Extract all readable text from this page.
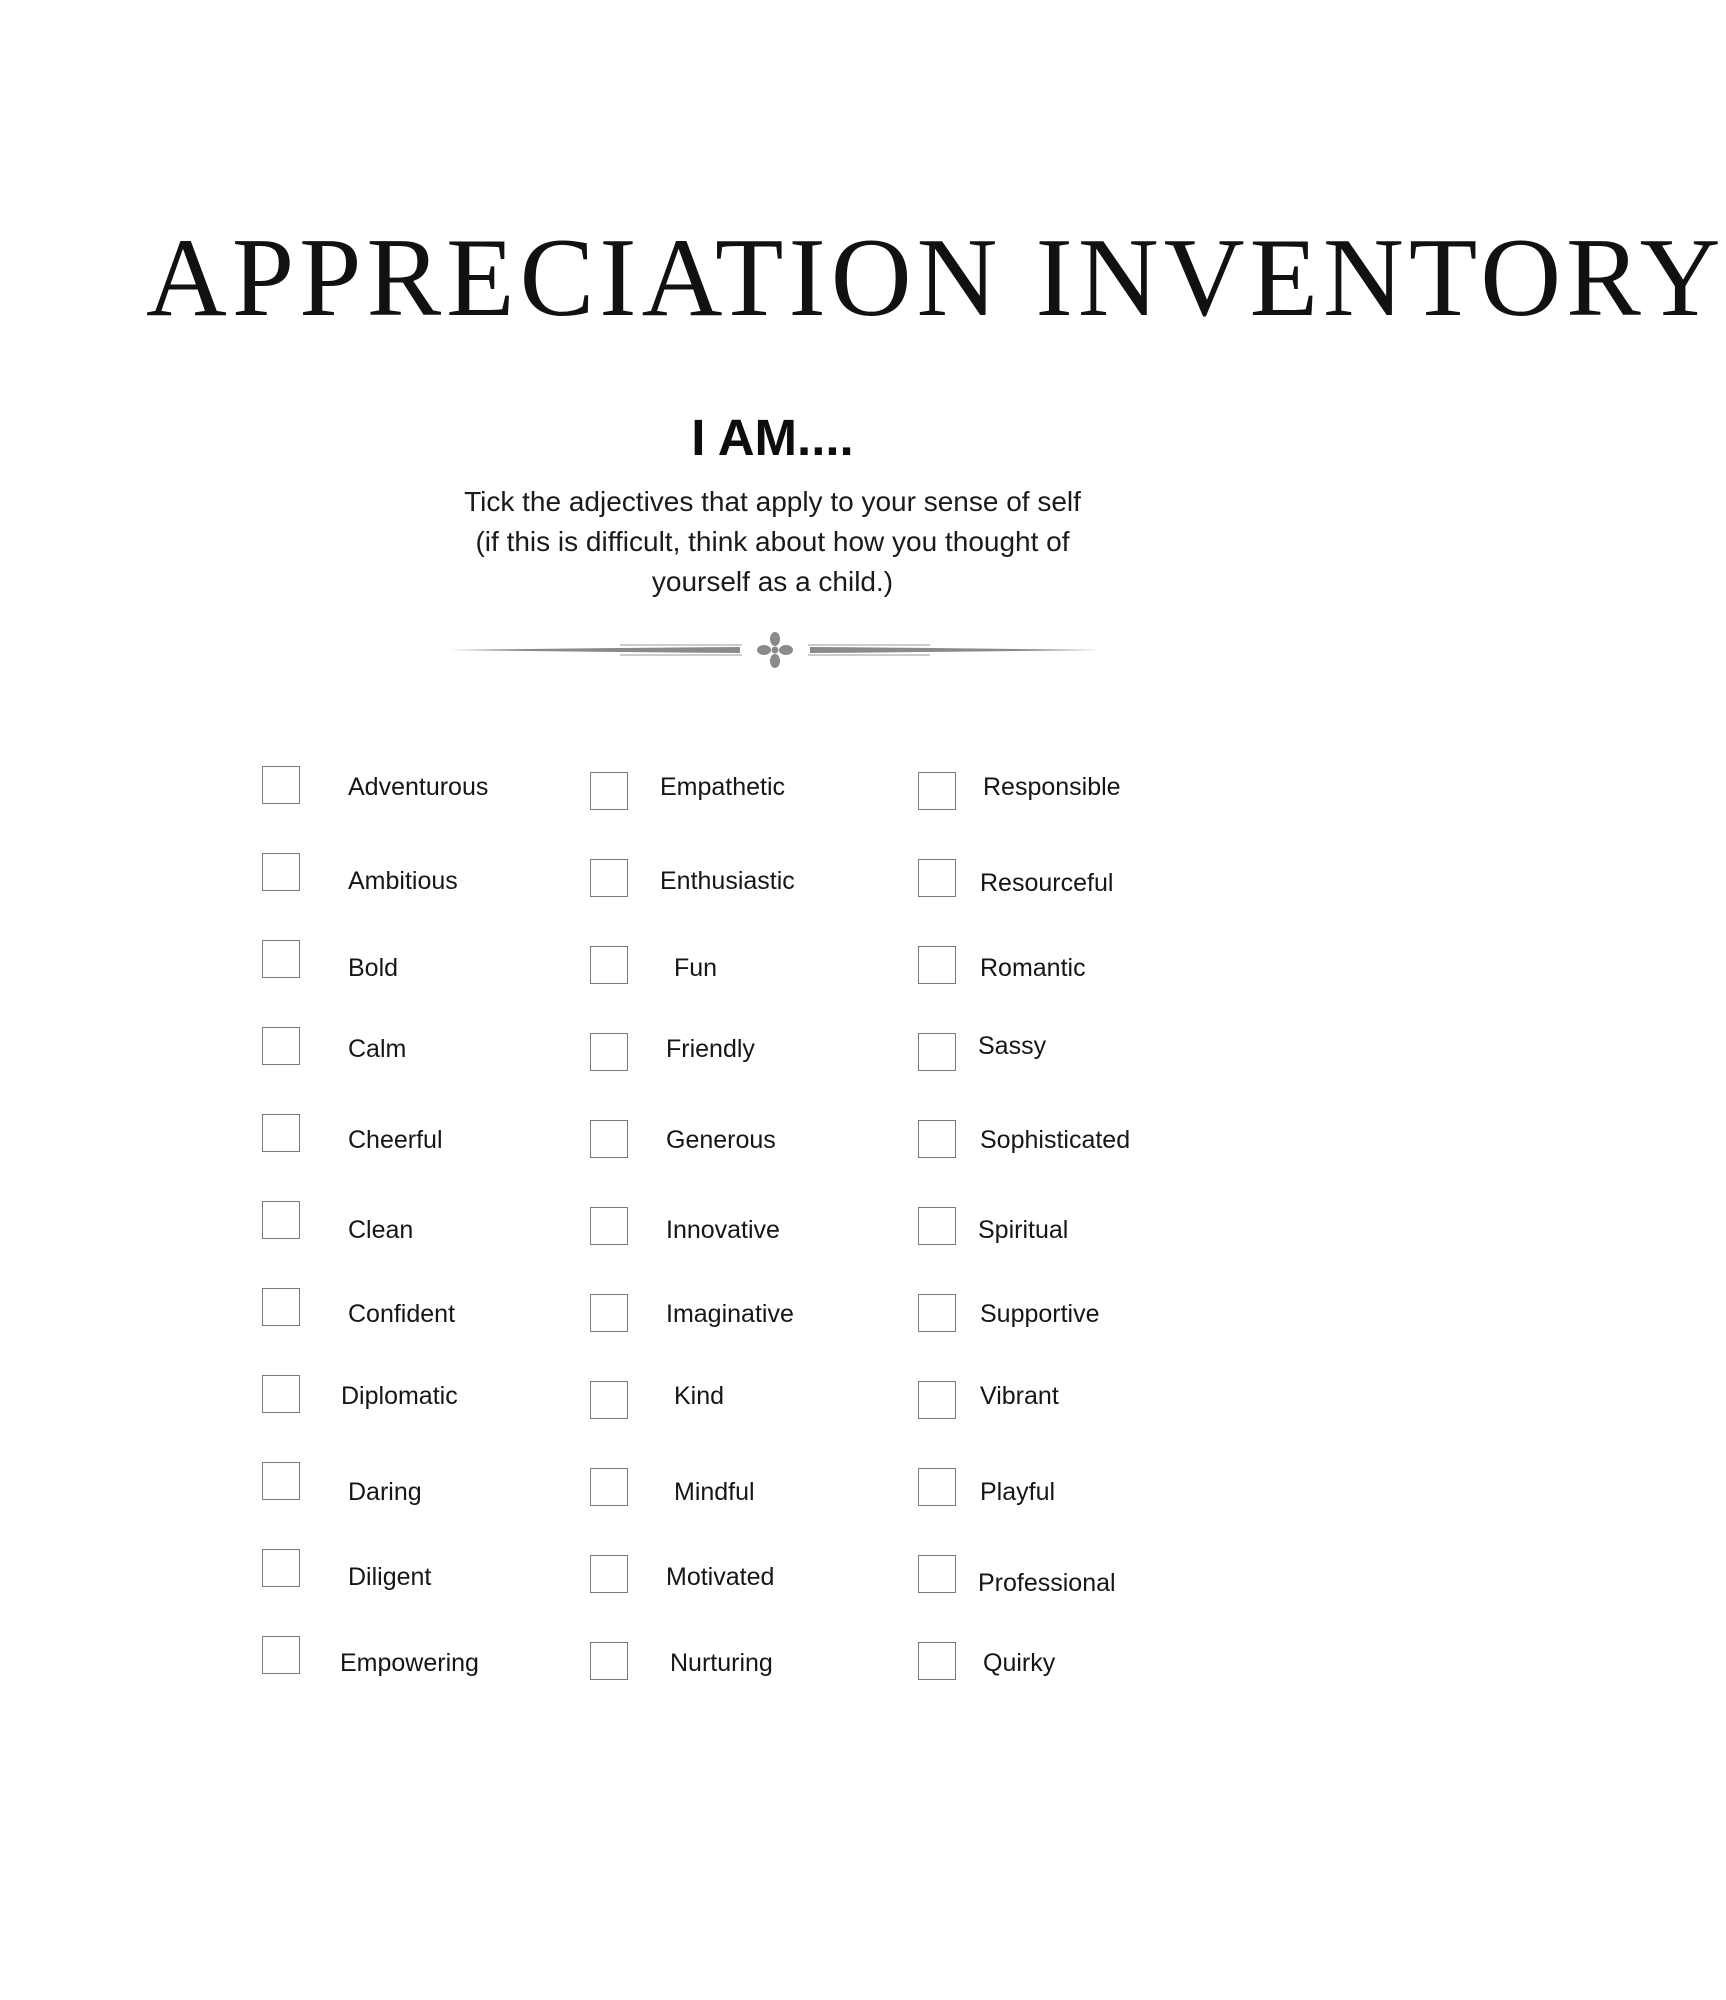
APPRECIATION INVENTORY
I AM....
Tick the adjectives that apply to your sense of self
(if this is difficult, think about how you thought of
yourself as a child.)
Adventurous
Ambitious
Bold
Calm
Cheerful
Clean
Confident
Diplomatic
Daring
Diligent
Empowering
Empathetic
Enthusiastic
Fun
Friendly
Generous
Innovative
Imaginative
Kind
Mindful
Motivated
Nurturing
Responsible
Resourceful
Romantic
Sassy
Sophisticated
Spiritual
Supportive
Vibrant
Playful
Professional
Quirky
